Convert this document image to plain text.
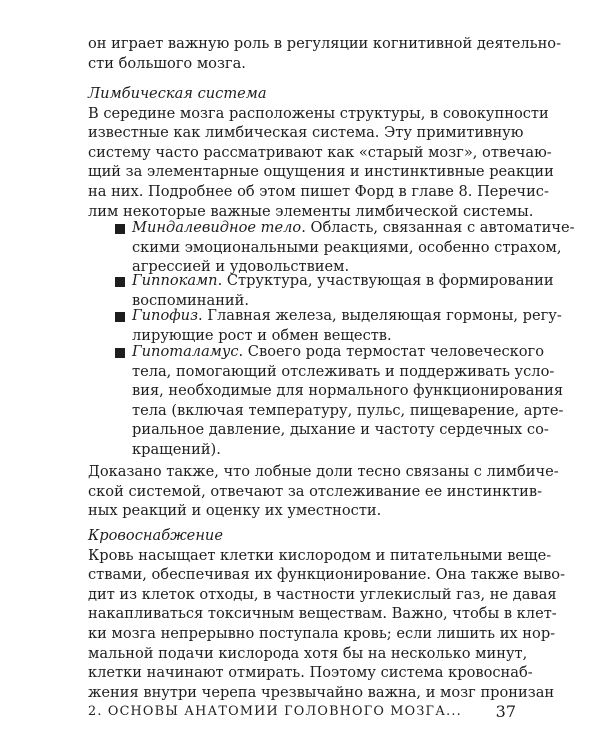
он играет важную роль в регуляции когнитивной деятельно-
сти большого мозга.
Лимбическая система
В середине мозга расположены структуры, в совокупности
известные как лимбическая система. Эту примитивную
систему часто рассматривают как «старый мозг», отвечаю-
щий за элементарные ощущения и инстинктивные реакции
на них. Подробнее об этом пишет Форд в главе 8. Перечис-
лим некоторые важные элементы лимбической системы.
Миндалевидное тело. Область, связанная с автоматиче-
скими эмоциональными реакциями, особенно страхом,
агрессией и удовольствием.
Гиппокамп. Структура, участвующая в формировании
воспоминаний.
Гипофиз. Главная железа, выделяющая гормоны, регу-
лирующие рост и обмен веществ.
Гипоталамус. Своего рода термостат человеческого
тела, помогающий отслеживать и поддерживать усло-
вия, необходимые для нормального функционирования
тела (включая температуру, пульс, пищеварение, арте-
риальное давление, дыхание и частоту сердечных со-
кращений).
Доказано также, что лобные доли тесно связаны с лимбиче-
ской системой, отвечают за отслеживание ее инстинктив-
ных реакций и оценку их уместности.
Кровоснабжение
Кровь насыщает клетки кислородом и питательными веще-
ствами, обеспечивая их функционирование. Она также выво-
дит из клеток отходы, в частности углекислый газ, не давая
накапливаться токсичным веществам. Важно, чтобы в клет-
ки мозга непрерывно поступала кровь; если лишить их нор-
мальной подачи кислорода хотя бы на несколько минут,
клетки начинают отмирать. Поэтому система кровоснаб-
жения внутри черепа чрезвычайно важна, и мозг пронизан
2. ОСНОВЫ АНАТОМИИ ГОЛОВНОГО МОЗГА... 37
